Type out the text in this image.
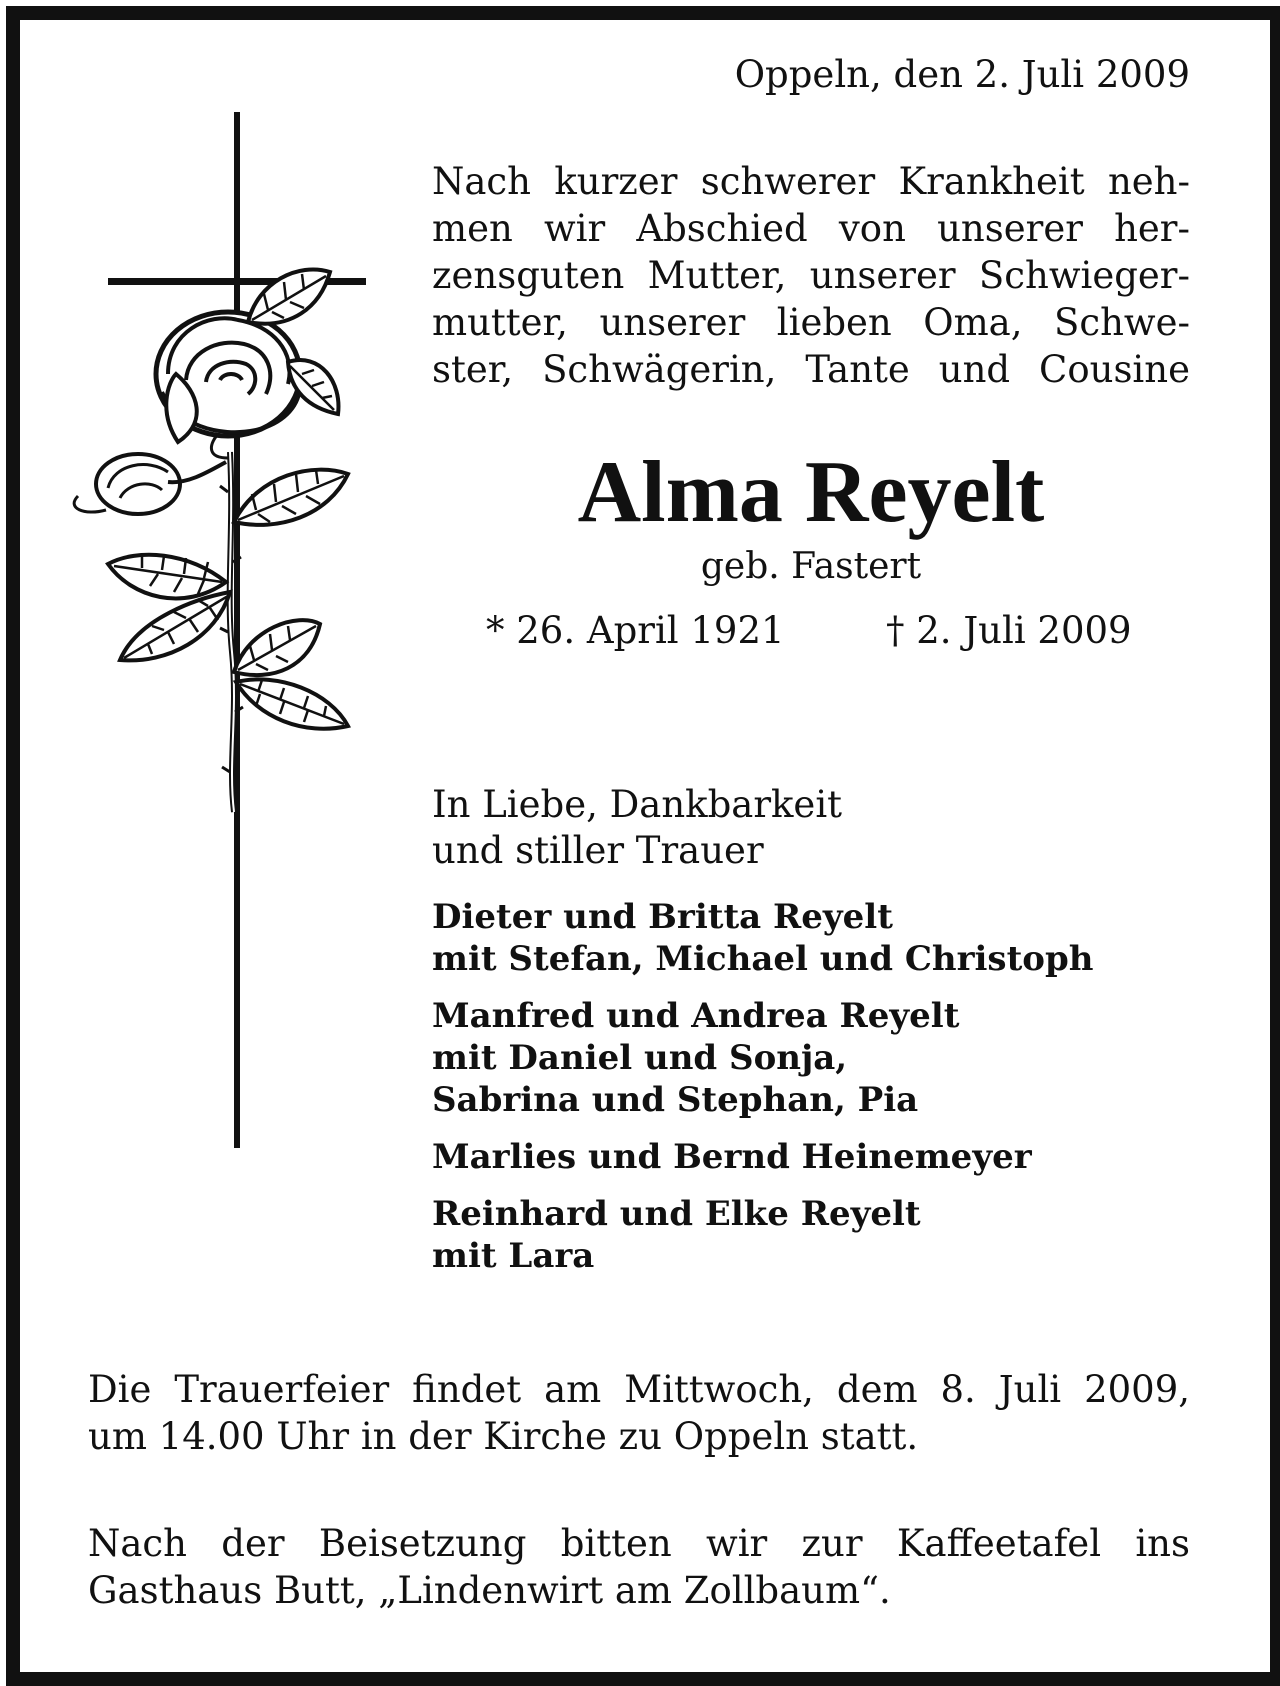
Oppeln, den 2. Juli 2009
Nach kurzer schwerer Krankheit neh-
men wir Abschied von unserer her-
zensguten Mutter, unserer Schwieger-
mutter, unserer lieben Oma, Schwe-
ster, Schwägerin, Tante und Cousine
Alma Reyelt
geb. Fastert
* 26. April 1921	† 2. Juli 2009
In Liebe, Dankbarkeit
und stiller Trauer
Dieter und Britta Reyelt
mit Stefan, Michael und Christoph
Manfred und Andrea Reyelt
mit Daniel und Sonja,
Sabrina und Stephan, Pia
Marlies und Bernd Heinemeyer
Reinhard und Elke Reyelt
mit Lara
Die Trauerfeier findet am Mittwoch, dem 8. Juli 2009,
um 14.00 Uhr in der Kirche zu Oppeln statt.
Nach der Beisetzung bitten wir zur Kaffeetafel ins
Gasthaus Butt, „Lindenwirt am Zollbaum“.
